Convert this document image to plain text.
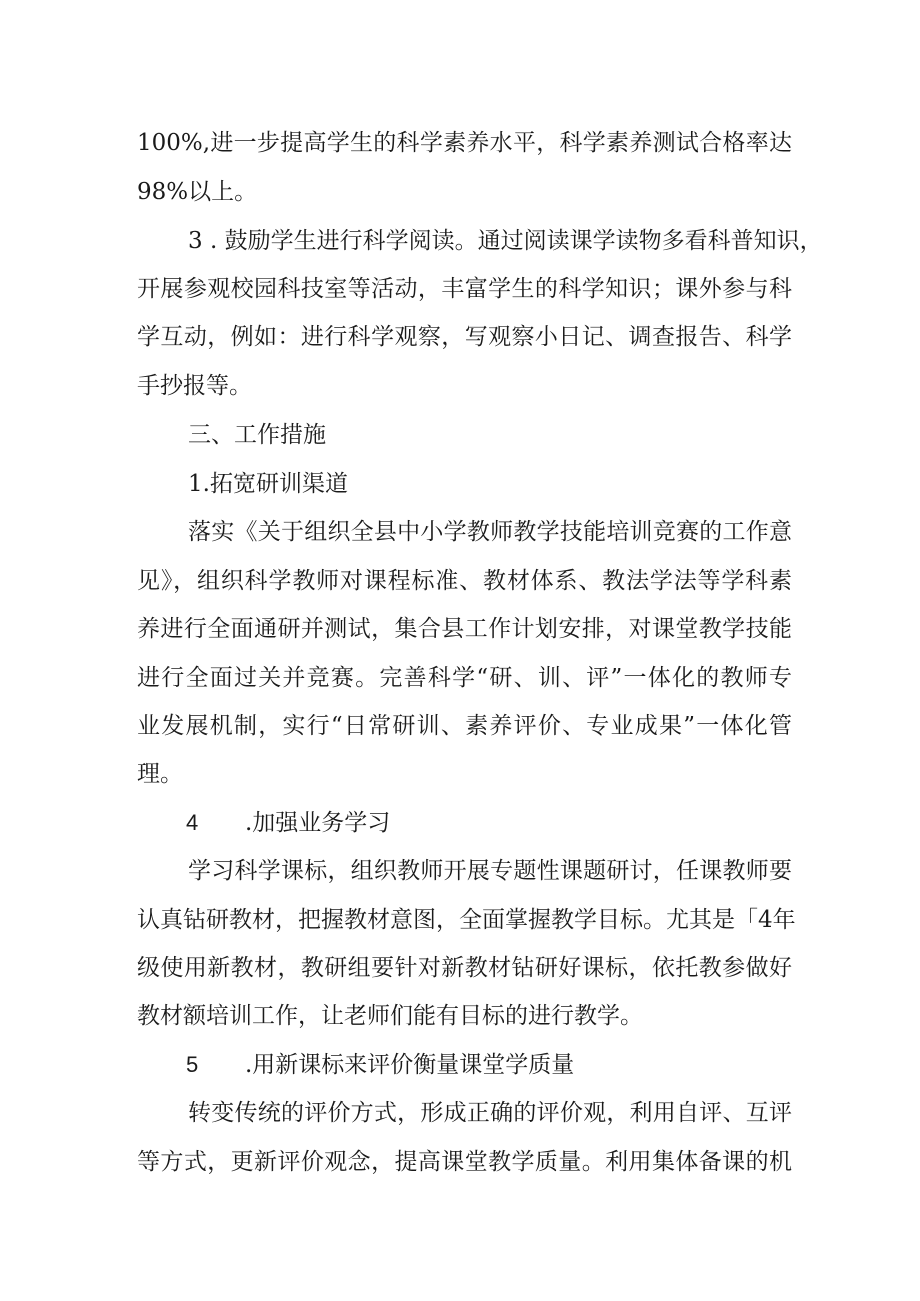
100%,进一步提高学生的科学素养水平，科学素养测试合格率达
98%以上。
3 . 鼓励学生进行科学阅读。通过阅读课学读物多看科普知识，
开展参观校园科技室等活动，丰富学生的科学知识；课外参与科
学互动，例如：进行科学观察，写观察小日记、调查报告、科学
手抄报等。
三、工作措施
1.拓宽研训渠道
落实《关于组织全县中小学教师教学技能培训竞赛的工作意
见》，组织科学教师对课程标准、教材体系、教法学法等学科素
养进行全面通研并测试，集合县工作计划安排，对课堂教学技能
进行全面过关并竞赛。完善科学“研、训、评”一体化的教师专
业发展机制，实行“日常研训、素养评价、专业成果”一体化管
理。
4 .加强业务学习
学习科学课标，组织教师开展专题性课题研讨，任课教师要
认真钻研教材，把握教材意图，全面掌握教学目标。尤其是「4年
级使用新教材，教研组要针对新教材钻研好课标，依托教参做好
教材额培训工作，让老师们能有目标的进行教学。
5 .用新课标来评价衡量课堂学质量
转变传统的评价方式，形成正确的评价观，利用自评、互评
等方式，更新评价观念，提高课堂教学质量。利用集体备课的机
